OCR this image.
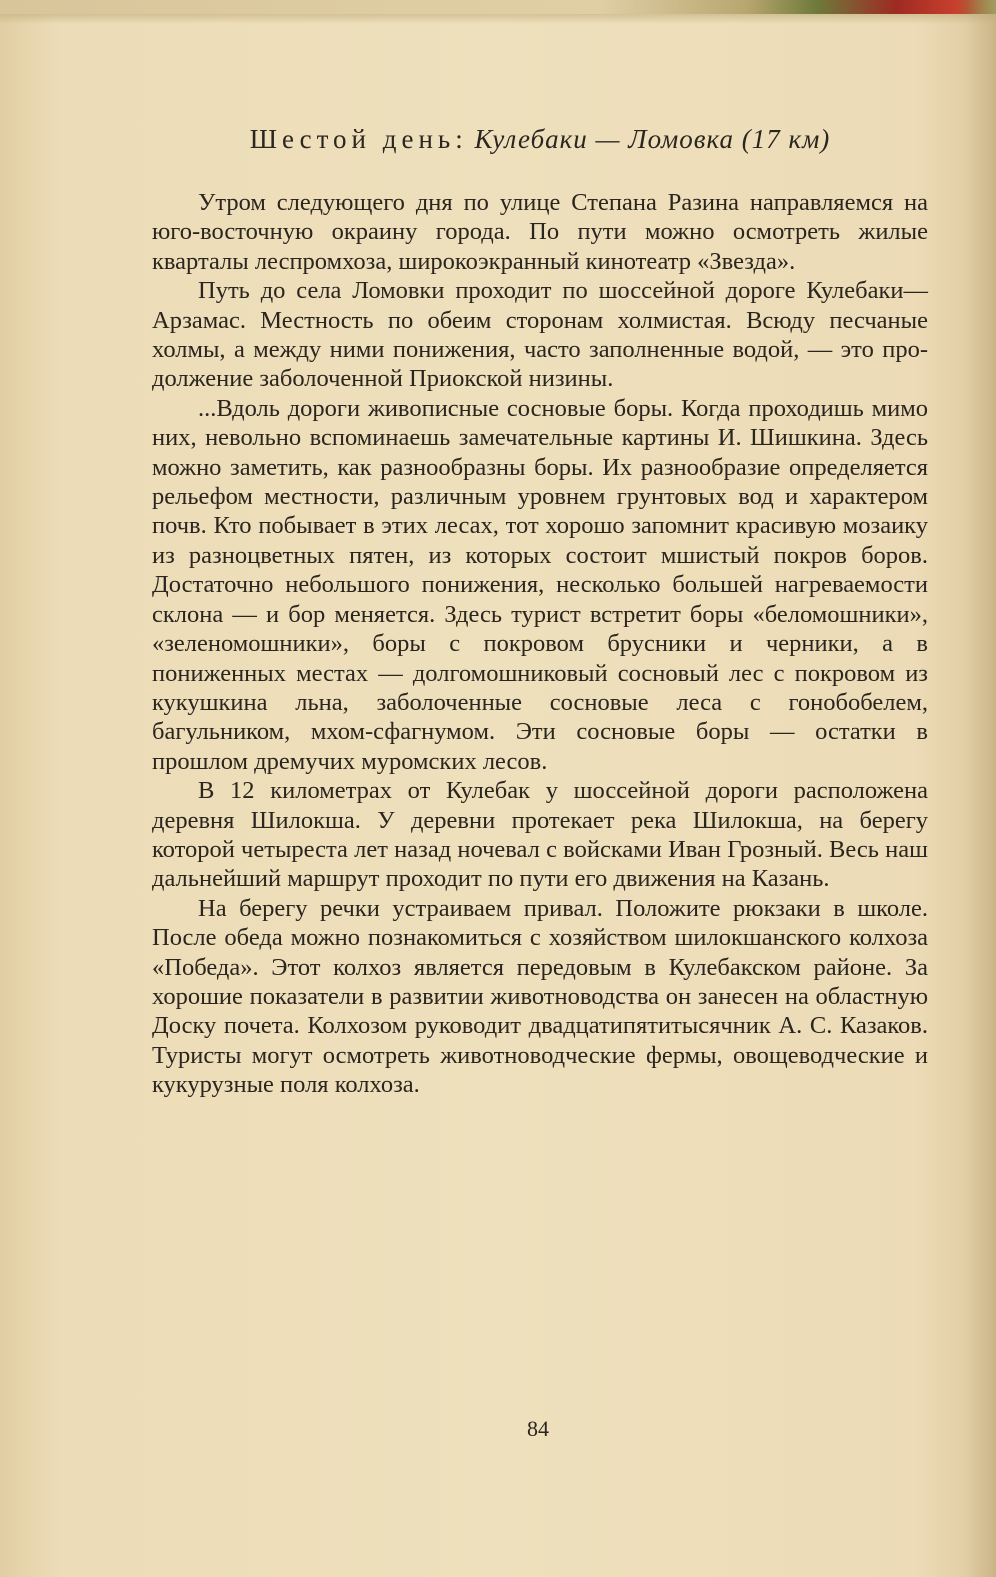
Шестой день: Кулебаки — Ломовка (17 км)

Утром следующего дня по улице Степана Разина направляемся на юго-восточную окраину города. По пути можно осмотреть жилые кварталы леспромхоза, широкоэкранный кинотеатр «Звезда».

Путь до села Ломовки проходит по шоссейной дороге Кулебаки—Арзамас. Местность по обеим сторонам холмистая. Всюду песчаные холмы, а между ними понижения, часто заполненные водой, — это продолжение заболоченной Приокской низины.

...Вдоль дороги живописные сосновые боры. Когда проходишь мимо них, невольно вспоминаешь замечательные картины И. Шишкина. Здесь можно заметить, как разнообразны боры. Их разнообразие определяется рельефом местности, различным уровнем грунтовых вод и характером почв. Кто побывает в этих лесах, тот хорошо запомнит красивую мозаику из разноцветных пятен, из которых состоит мшистый покров боров. Достаточно небольшого понижения, несколько большей нагреваемости склона — и бор меняется. Здесь турист встретит боры «беломошники», «зеленомошники», боры с покровом брусники и черники, а в пониженных местах — долгомошниковый сосновый лес с покровом из кукушкина льна, заболоченные сосновые леса с гонобобелем, багульником, мхом-сфагнумом. Эти сосновые боры — остатки в прошлом дремучих муромских лесов.

В 12 километрах от Кулебак у шоссейной дороги расположена деревня Шилокша. У деревни протекает река Шилокша, на берегу которой четыреста лет назад ночевал с войсками Иван Грозный. Весь наш дальнейший маршрут проходит по пути его движения на Казань.

На берегу речки устраиваем привал. Положите рюкзаки в школе. После обеда можно познакомиться с хозяйством шилокшанского колхоза «Победа». Этот колхоз является передовым в Кулебакском районе. За хорошие показатели в развитии животноводства он занесен на областную Доску почета. Колхозом руководит двадцатипятитысячник А. С. Казаков. Туристы могут осмотреть животноводческие фермы, овощеводческие и кукурузные поля колхоза.

84
